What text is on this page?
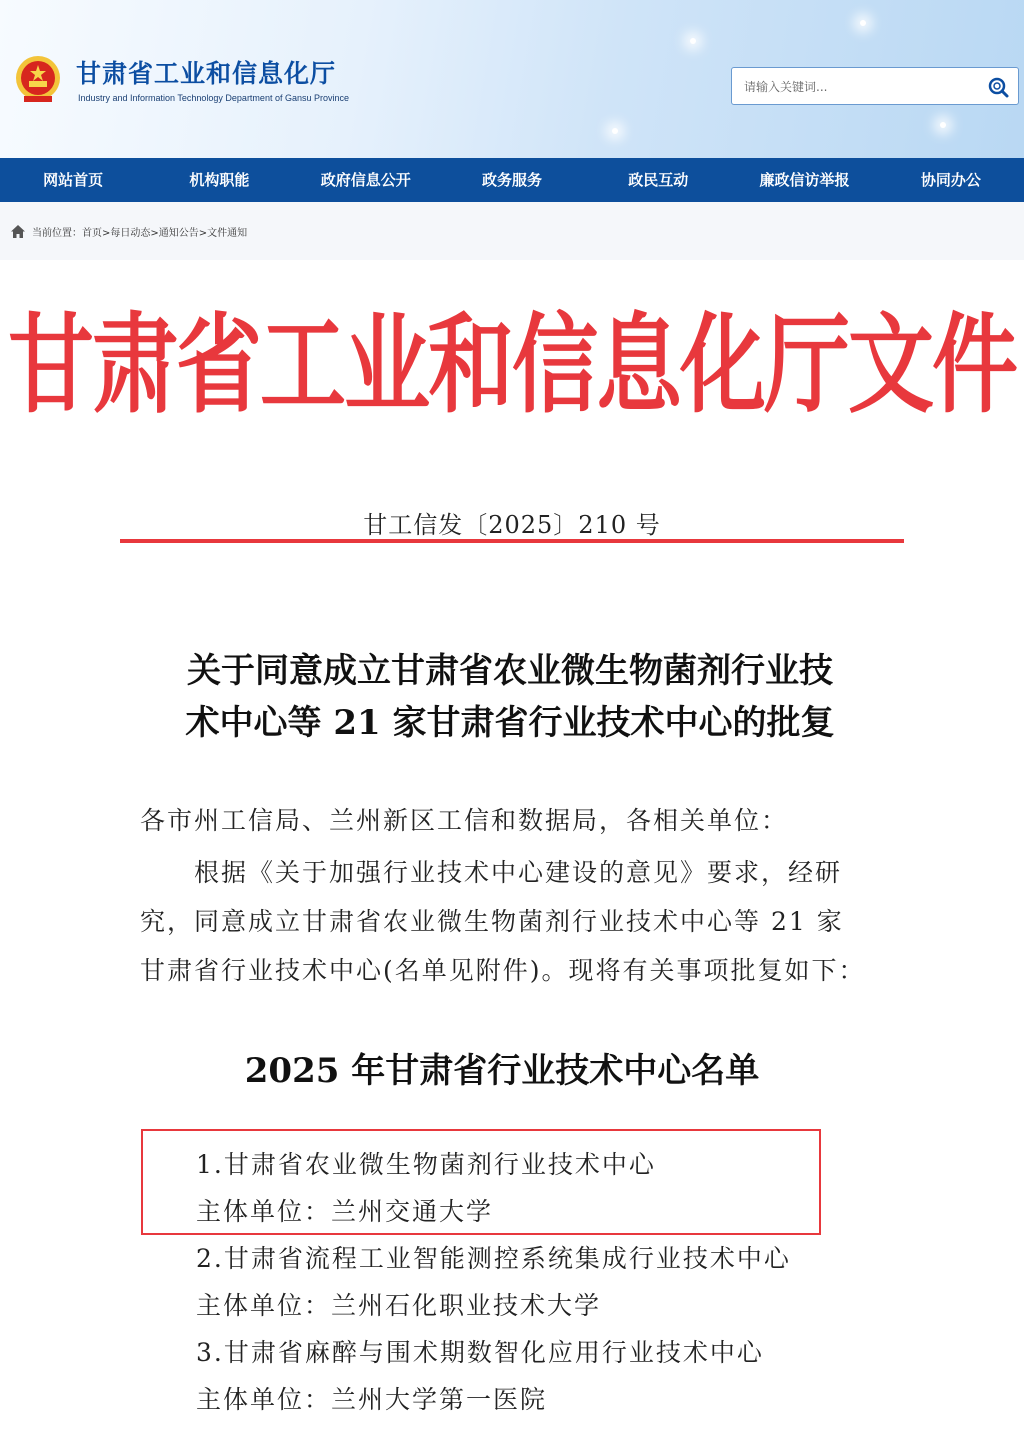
甘肃省工业和信息化厅
Industry and Information Technology Department of Gansu Province
请输入关键词...
网站首页	机构职能	政府信息公开	政务服务	政民互动	廉政信访举报	协同办公
当前位置：首页>每日动态>通知公告>文件通知
甘肃省工业和信息化厅文件
甘工信发〔2025〕210 号
关于同意成立甘肃省农业微生物菌剂行业技
术中心等 21 家甘肃省行业技术中心的批复
各市州工信局、兰州新区工信和数据局，各相关单位：
　　根据《关于加强行业技术中心建设的意见》要求，经研
究，同意成立甘肃省农业微生物菌剂行业技术中心等 21 家
甘肃省行业技术中心(名单见附件)。现将有关事项批复如下：
2025 年甘肃省行业技术中心名单
1.甘肃省农业微生物菌剂行业技术中心
主体单位：兰州交通大学
2.甘肃省流程工业智能测控系统集成行业技术中心
主体单位：兰州石化职业技术大学
3.甘肃省麻醉与围术期数智化应用行业技术中心
主体单位：兰州大学第一医院
